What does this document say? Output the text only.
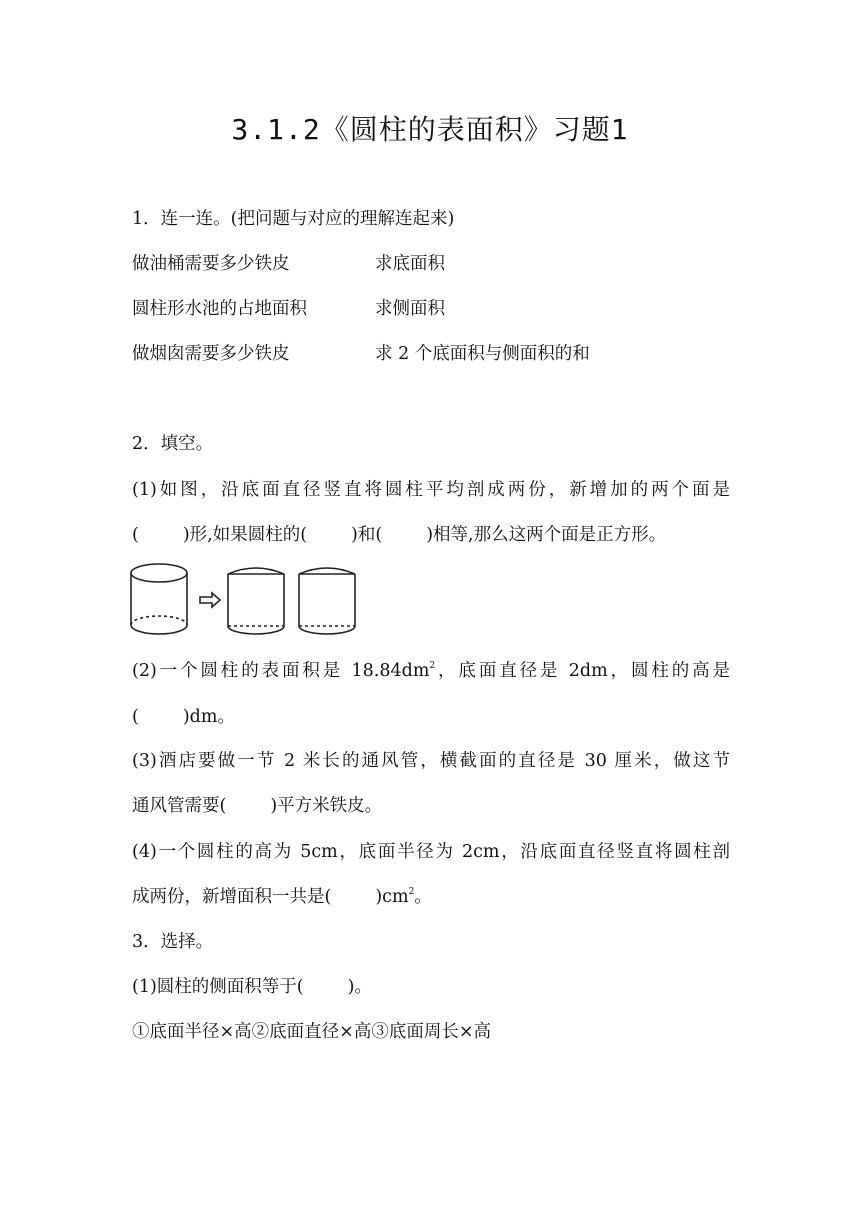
3.1.2《圆柱的表面积》习题1
1．连一连。(把问题与对应的理解连起来)
做油桶需要多少铁皮	求底面积
圆柱形水池的占地面积	求侧面积
做烟囱需要多少铁皮	求 2 个底面积与侧面积的和
2．填空。
(1)如图，沿底面直径竖直将圆柱平均剖成两份，新增加的两个面是
(	)形,如果圆柱的(	)和(	)相等,那么这两个面是正方形。
(2)一个圆柱的表面积是 $18.84dm^2$，底面直径是 2dm，圆柱的高是
(	)dm。
(3)酒店要做一节 2 米长的通风管，横截面的直径是 30 厘米，做这节
通风管需要(	)平方米铁皮。
(4)一个圆柱的高为 5cm，底面半径为 2cm，沿底面直径竖直将圆柱剖
成两份，新增面积一共是(	)$cm^2$。
3．选择。
(1)圆柱的侧面积等于(	)。
①底面半径×高②底面直径×高③底面周长×高
